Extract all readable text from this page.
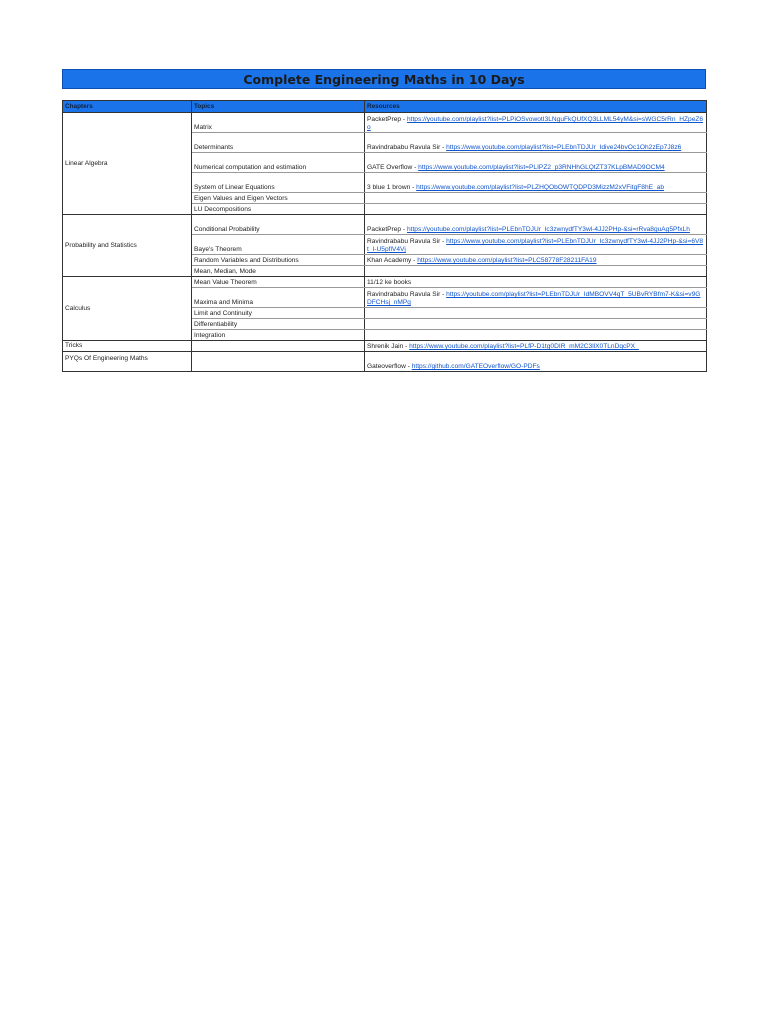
Complete Engineering Maths in 10 Days
Chapters	Topics	Resources
Linear Algebra	Matrix	PacketPrep - https://youtube.com/playlist?list=PLPiOSvowotI3LNguFkQUfXQ3LLML54yM&si=sWGC5rRn_HZpeZ6o
	Determinants	Ravindrababu Ravula Sir - https://www.youtube.com/playlist?list=PLEbnTDJUr_Idive24bvOc1Oh2zEp7J8z6
	Numerical computation and estimation	GATE Overflow - https://www.youtube.com/playlist?list=PLIPZ2_p3RNHhGLQtZT37KLpBMAD9OCM4
	System of Linear Equations	3 blue 1 brown - https://www.youtube.com/playlist?list=PLZHQObOWTQDPD3MizzM2xVFitgF8hE_ab
	Eigen Values and Eigen Vectors	
	LU Decompositions	
Probability and Statistics	Conditional Probability	PacketPrep - https://youtube.com/playlist?list=PLEbnTDJUr_Ic3zwnydfTY3wl-4JJ2PHp-&si=rRva8guAg5PfxLh
	Baye's Theorem	Ravindrababu Ravula Sir - https://www.youtube.com/playlist?list=PLEbnTDJUr_Ic3zwnydfTY3wl-4JJ2PHp-&si=6V8t_I-U5pflV4Vj
	Random Variables and Distributions	Khan Academy - https://www.youtube.com/playlist?list=PLC58778F28211FA19
	Mean, Median, Mode	
Calculus	Mean Value Theorem	11/12 ke books
	Maxima and Minima	Ravindrababu Ravula Sir - https://youtube.com/playlist?list=PLEbnTDJUr_IdMBOVV4qT_5UBvRYBfm7-K&si=v9GDFCHsj_nMPg
	Limit and Continuity	
	Differentiability	
	Integration	
Tricks		Shrenik Jain - https://www.youtube.com/playlist?list=PLfP-D1tg0DIR_mM2C3llX0TLnDqcPX_
PYQs Of Engineering Maths		Gateoverflow - https://github.com/GATEOverflow/GO-PDFs
